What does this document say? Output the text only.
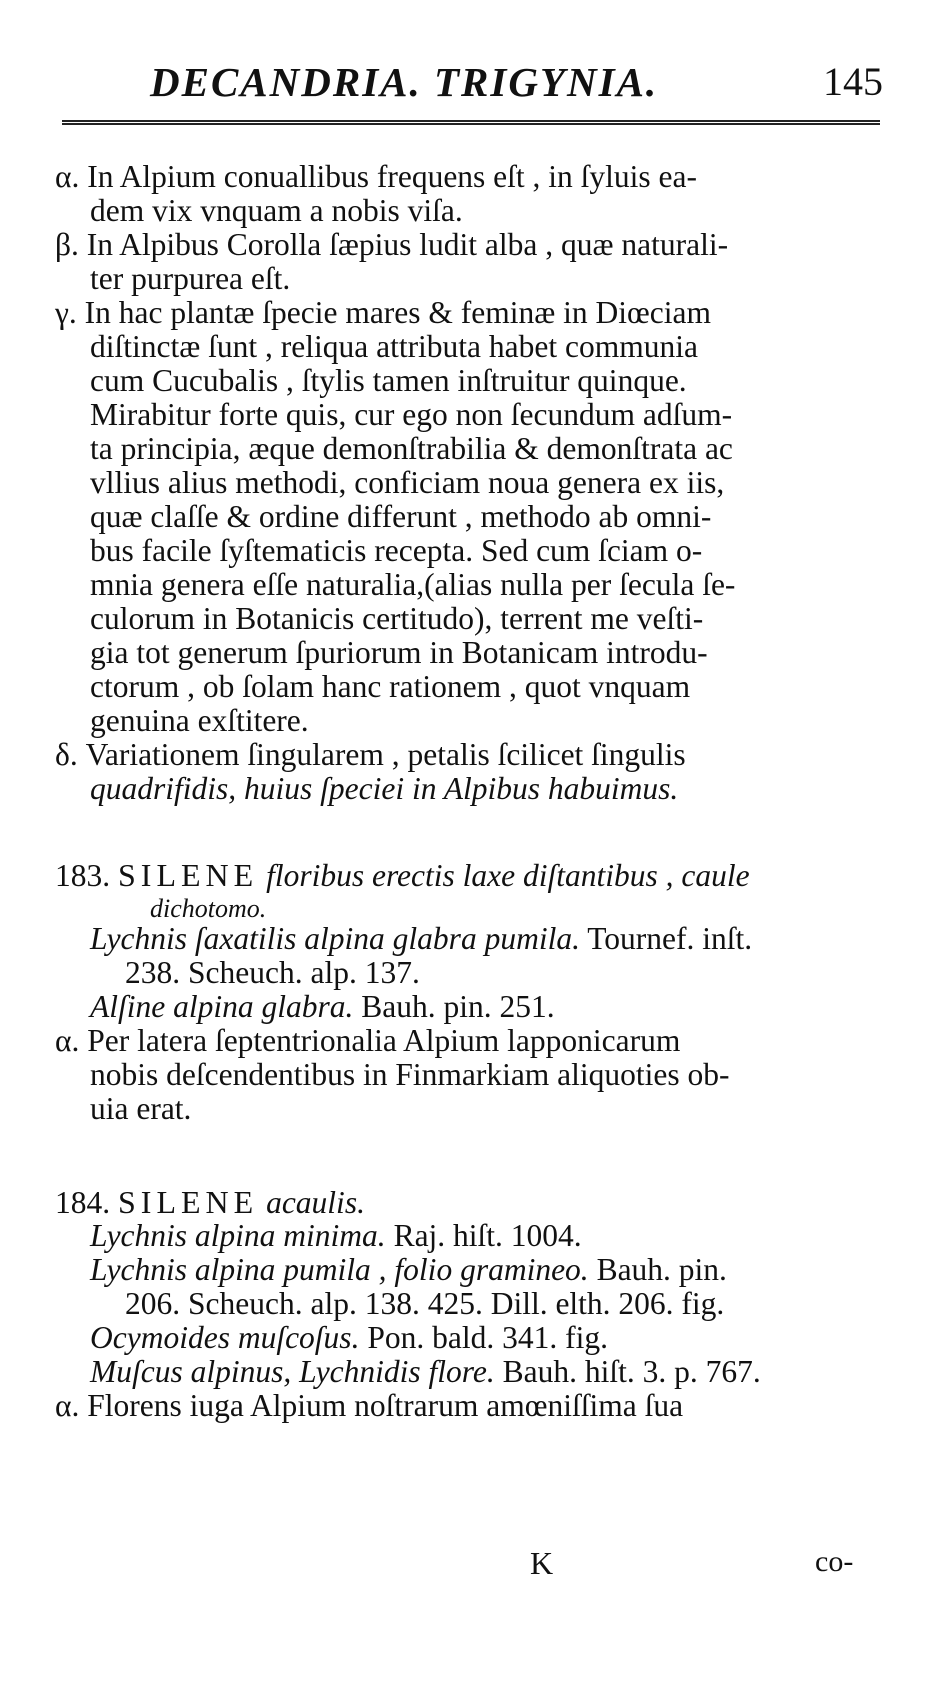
DECANDRIA. TRIGYNIA.	145
α. In Alpium conuallibus frequens eſt , in ſyluis ea-
dem vix vnquam a nobis viſa.
β. In Alpibus Corolla ſæpius ludit alba , quæ naturali-
ter purpurea eſt.
γ. In hac plantæ ſpecie mares & feminæ in Diœciam
diſtinctæ ſunt , reliqua attributa habet communia
cum Cucubalis , ſtylis tamen inſtruitur quinque.
Mirabitur forte quis, cur ego non ſecundum adſum-
ta principia, æque demonſtrabilia & demonſtrata ac
vllius alius methodi, conficiam noua genera ex iis,
quæ claſſe & ordine differunt , methodo ab omni-
bus facile ſyſtematicis recepta. Sed cum ſciam o-
mnia genera eſſe naturalia,(alias nulla per ſecula ſe-
culorum in Botanicis certitudo), terrent me veſti-
gia tot generum ſpuriorum in Botanicam introdu-
ctorum , ob ſolam hanc rationem , quot vnquam
genuina exſtitere.
δ. Variationem ſingularem , petalis ſcilicet ſingulis
quadrifidis, huius ſpeciei in Alpibus habuimus.
183. SILENE floribus erectis laxe diſtantibus , caule
dichotomo.
Lychnis ſaxatilis alpina glabra pumila. Tournef. inſt.
238. Scheuch. alp. 137.
Alſine alpina glabra. Bauh. pin. 251.
α. Per latera ſeptentrionalia Alpium lapponicarum
nobis deſcendentibus in Finmarkiam aliquoties ob-
uia erat.
184. SILENE acaulis.
Lychnis alpina minima. Raj. hiſt. 1004.
Lychnis alpina pumila , folio gramineo. Bauh. pin.
206. Scheuch. alp. 138. 425. Dill. elth. 206. fig.
Ocymoides muſcoſus. Pon. bald. 341. fig.
Muſcus alpinus, Lychnidis flore. Bauh. hiſt. 3. p. 767.
α. Florens iuga Alpium noſtrarum amœniſſima ſua
K	co-
